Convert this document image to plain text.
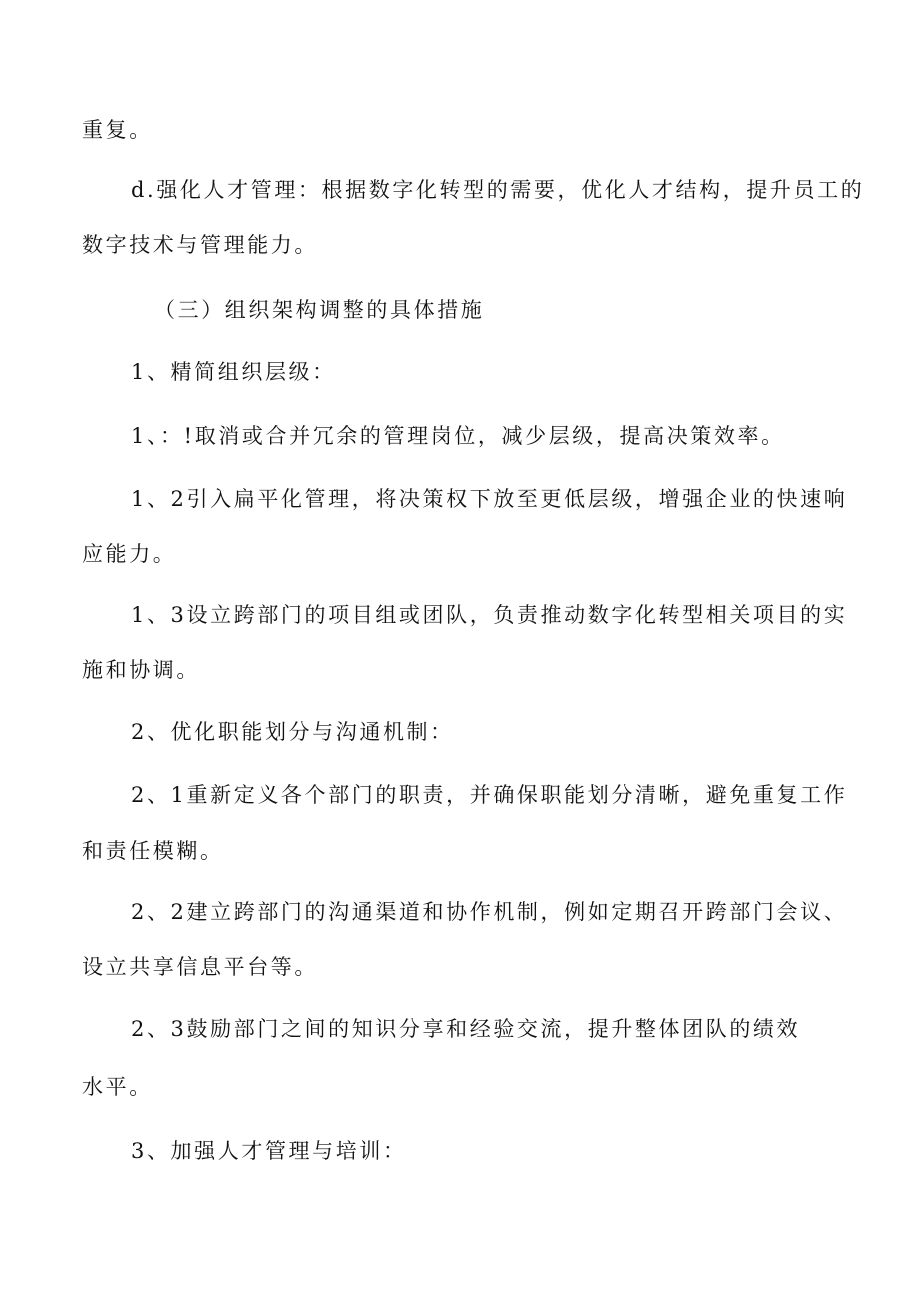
重复。
d.强化人才管理：根据数字化转型的需要，优化人才结构，提升员工的
数字技术与管理能力。
（三）组织架构调整的具体措施
1、精简组织层级：
1、：!取消或合并冗余的管理岗位，减少层级，提高决策效率。
1、2引入扁平化管理，将决策权下放至更低层级，增强企业的快速响
应能力。
1、3设立跨部门的项目组或团队，负责推动数字化转型相关项目的实
施和协调。
2、优化职能划分与沟通机制：
2、1重新定义各个部门的职责，并确保职能划分清晰，避免重复工作
和责任模糊。
2、2建立跨部门的沟通渠道和协作机制，例如定期召开跨部门会议、
设立共享信息平台等。
2、3鼓励部门之间的知识分享和经验交流，提升整体团队的绩效
水平。
3、加强人才管理与培训：
